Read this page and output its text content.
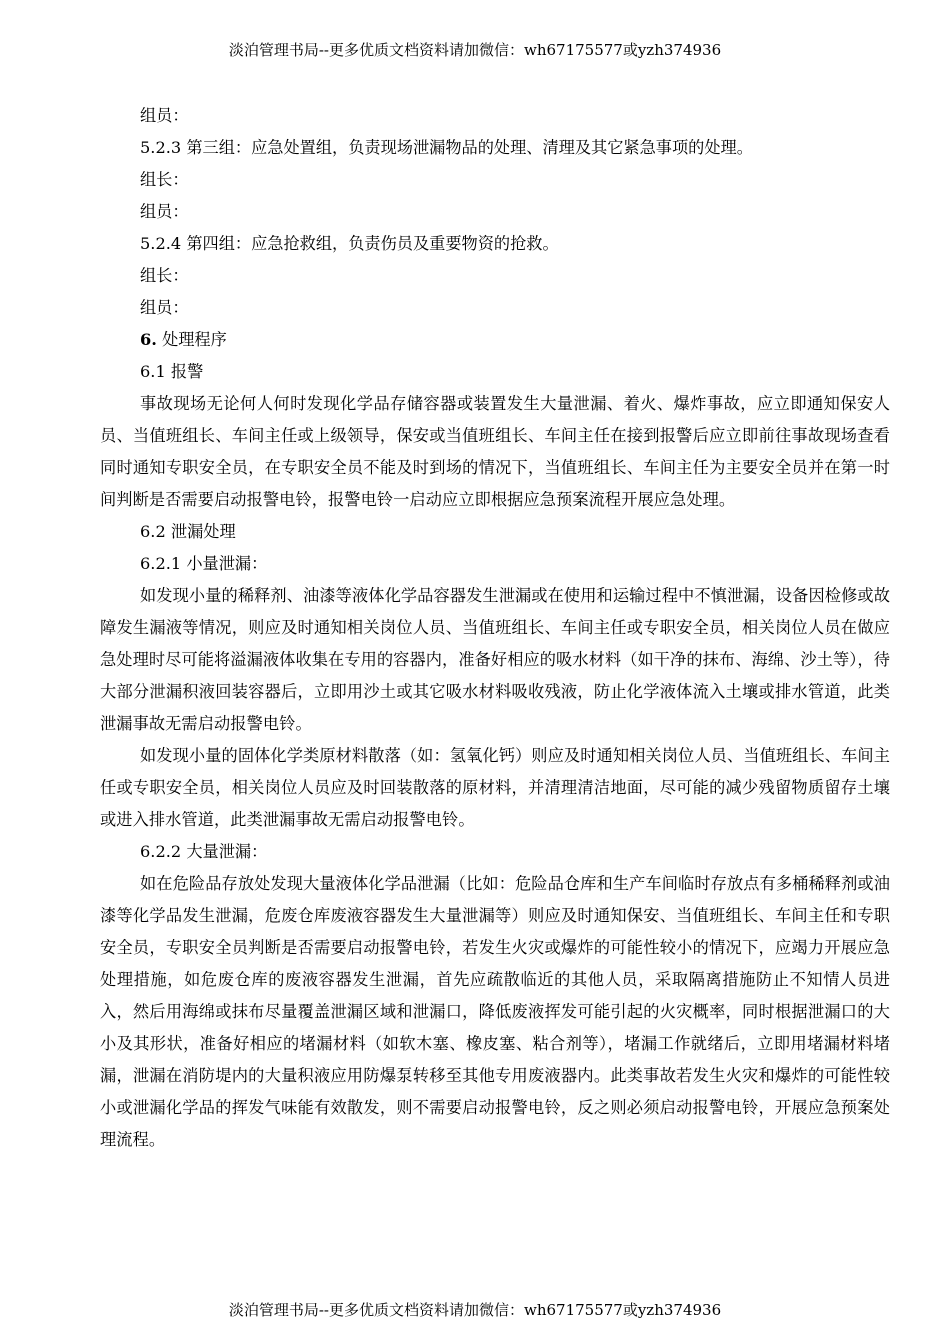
淡泊管理书局--更多优质文档资料请加微信：wh67175577或yzh374936
组员：
5.2.3 第三组：应急处置组，负责现场泄漏物品的处理、清理及其它紧急事项的处理。
组长：
组员：
5.2.4 第四组：应急抢救组，负责伤员及重要物资的抢救。
组长：
组员：
6. 处理程序
6.1 报警

事故现场无论何人何时发现化学品存储容器或装置发生大量泄漏、着火、爆炸事故，应立即通知保安人员、当值班组长、车间主任或上级领导，保安或当值班组长、车间主任在接到报警后应立即前往事故现场查看同时通知专职安全员，在专职安全员不能及时到场的情况下，当值班组长、车间主任为主要安全员并在第一时间判断是否需要启动报警电铃，报警电铃一启动应立即根据应急预案流程开展应急处理。

6.2 泄漏处理
6.2.1 小量泄漏：

如发现小量的稀释剂、油漆等液体化学品容器发生泄漏或在使用和运输过程中不慎泄漏，设备因检修或故障发生漏液等情况，则应及时通知相关岗位人员、当值班组长、车间主任或专职安全员，相关岗位人员在做应急处理时尽可能将溢漏液体收集在专用的容器内，准备好相应的吸水材料（如干净的抹布、海绵、沙土等），待大部分泄漏积液回装容器后，立即用沙土或其它吸水材料吸收残液，防止化学液体流入土壤或排水管道，此类泄漏事故无需启动报警电铃。

如发现小量的固体化学类原材料散落（如：氢氧化钙）则应及时通知相关岗位人员、当值班组长、车间主任或专职安全员，相关岗位人员应及时回装散落的原材料，并清理清洁地面，尽可能的减少残留物质留存土壤或进入排水管道，此类泄漏事故无需启动报警电铃。

6.2.2 大量泄漏：

如在危险品存放处发现大量液体化学品泄漏（比如：危险品仓库和生产车间临时存放点有多桶稀释剂或油漆等化学品发生泄漏，危废仓库废液容器发生大量泄漏等）则应及时通知保安、当值班组长、车间主任和专职安全员，专职安全员判断是否需要启动报警电铃，若发生火灾或爆炸的可能性较小的情况下，应竭力开展应急处理措施，如危废仓库的废液容器发生泄漏，首先应疏散临近的其他人员，采取隔离措施防止不知情人员进入，然后用海绵或抹布尽量覆盖泄漏区域和泄漏口，降低废液挥发可能引起的火灾概率，同时根据泄漏口的大小及其形状，准备好相应的堵漏材料（如软木塞、橡皮塞、粘合剂等），堵漏工作就绪后，立即用堵漏材料堵漏，泄漏在消防堤内的大量积液应用防爆泵转移至其他专用废液器内。此类事故若发生火灾和爆炸的可能性较小或泄漏化学品的挥发气味能有效散发，则不需要启动报警电铃，反之则必须启动报警电铃，开展应急预案处理流程。

淡泊管理书局--更多优质文档资料请加微信：wh67175577或yzh374936
